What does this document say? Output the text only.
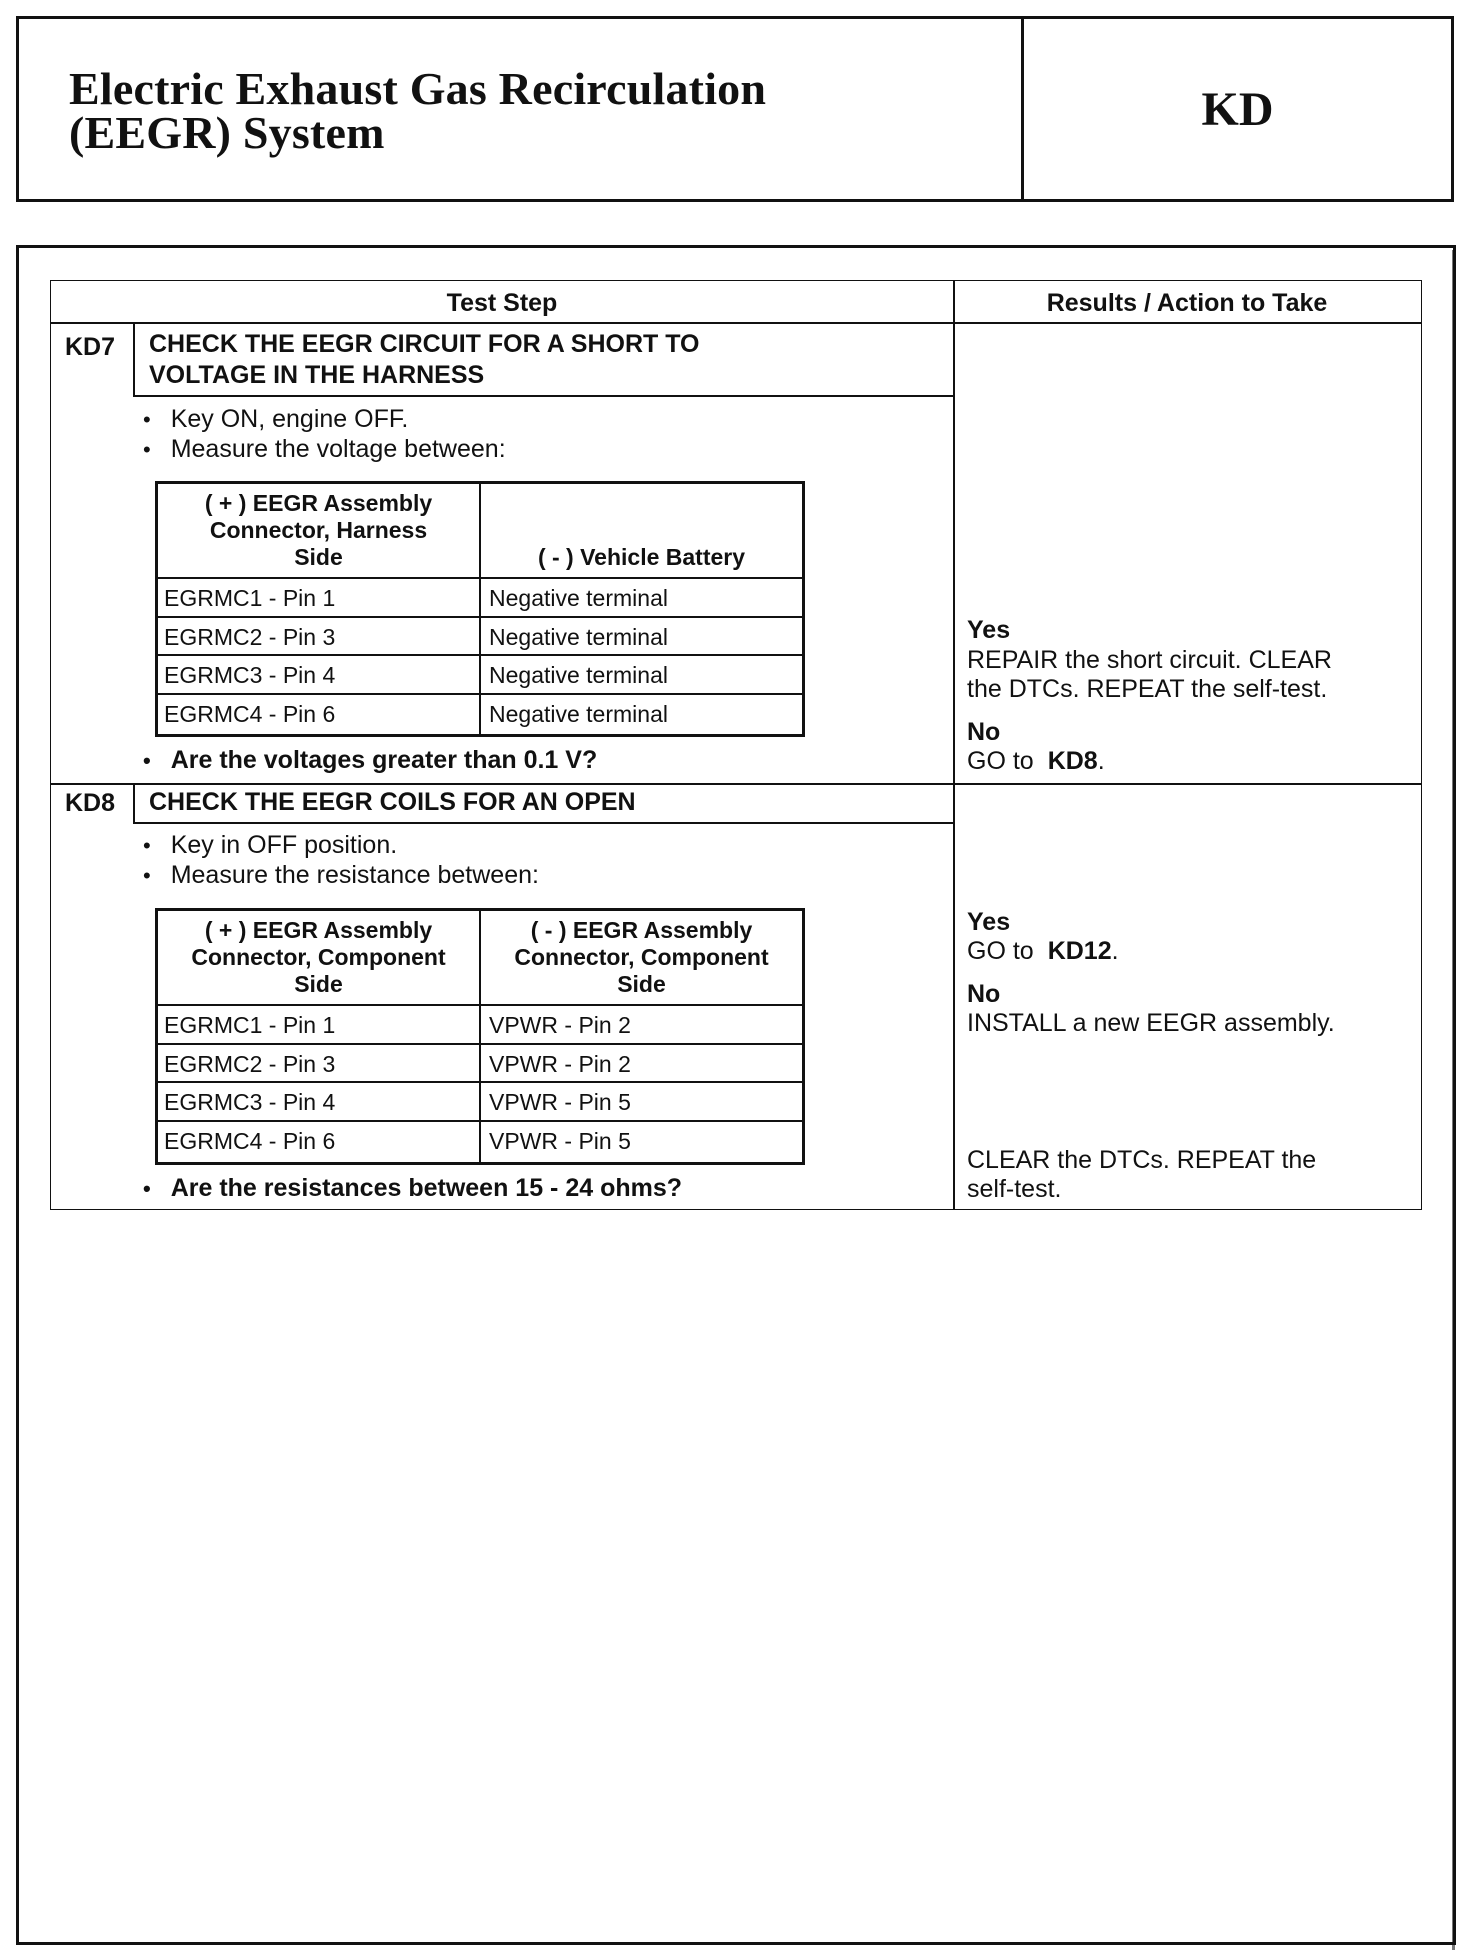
Electric Exhaust Gas Recirculation
(EEGR) System	KD
Test Step	Results / Action to Take
KD7 CHECK THE EEGR CIRCUIT FOR A SHORT TO
VOLTAGE IN THE HARNESS
• Key ON, engine OFF.
• Measure the voltage between:
( + ) EEGR Assembly
Connector, Harness
Side	( - ) Vehicle Battery
EGRMC1 - Pin 1	Negative terminal
EGRMC2 - Pin 3	Negative terminal
EGRMC3 - Pin 4	Negative terminal
EGRMC4 - Pin 6	Negative terminal
• Are the voltages greater than 0.1 V?
Yes
REPAIR the short circuit. CLEAR
the DTCs. REPEAT the self-test.
No
GO to KD8.
KD8 CHECK THE EEGR COILS FOR AN OPEN
• Key in OFF position.
• Measure the resistance between:
( + ) EEGR Assembly
Connector, Component
Side
( - ) EEGR Assembly
Connector, Component
Side
EGRMC1 - Pin 1	VPWR - Pin 2
EGRMC2 - Pin 3	VPWR - Pin 2
EGRMC3 - Pin 4	VPWR - Pin 5
EGRMC4 - Pin 6	VPWR - Pin 5
• Are the resistances between 15 - 24 ohms?
Yes
GO to KD12.
No
INSTALL a new EEGR assembly.
CLEAR the DTCs. REPEAT the
self-test.
